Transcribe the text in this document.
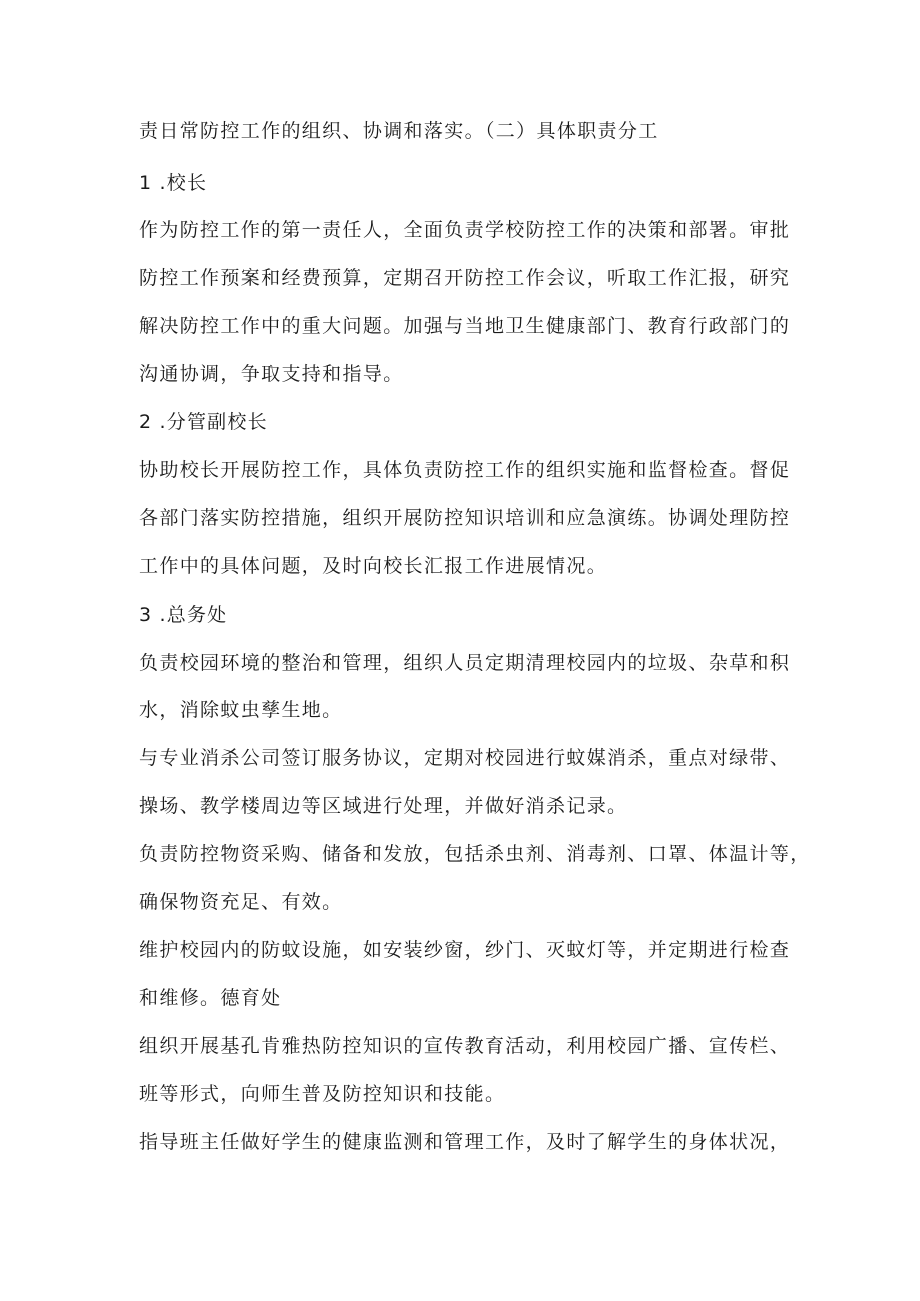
责日常防控工作的组织、协调和落实。（二）具体职责分工

1 .校长

作为防控工作的第一责任人，全面负责学校防控工作的决策和部署。审批

防控工作预案和经费预算，定期召开防控工作会议，听取工作汇报，研究

解决防控工作中的重大问题。加强与当地卫生健康部门、教育行政部门的

沟通协调，争取支持和指导。

2 .分管副校长

协助校长开展防控工作，具体负责防控工作的组织实施和监督检查。督促

各部门落实防控措施，组织开展防控知识培训和应急演练。协调处理防控

工作中的具体问题，及时向校长汇报工作进展情况。

3 .总务处

负责校园环境的整治和管理，组织人员定期清理校园内的垃圾、杂草和积

水，消除蚊虫孳生地。

与专业消杀公司签订服务协议，定期对校园进行蚊媒消杀，重点对绿带、

操场、教学楼周边等区域进行处理，并做好消杀记录。

负责防控物资采购、储备和发放，包括杀虫剂、消毒剂、口罩、体温计等，

确保物资充足、有效。

维护校园内的防蚊设施，如安装纱窗，纱门、灭蚊灯等，并定期进行检查

和维修。德育处

组织开展基孔肯雅热防控知识的宣传教育活动，利用校园广播、宣传栏、

班等形式，向师生普及防控知识和技能。

指导班主任做好学生的健康监测和管理工作，及时了解学生的身体状况，
